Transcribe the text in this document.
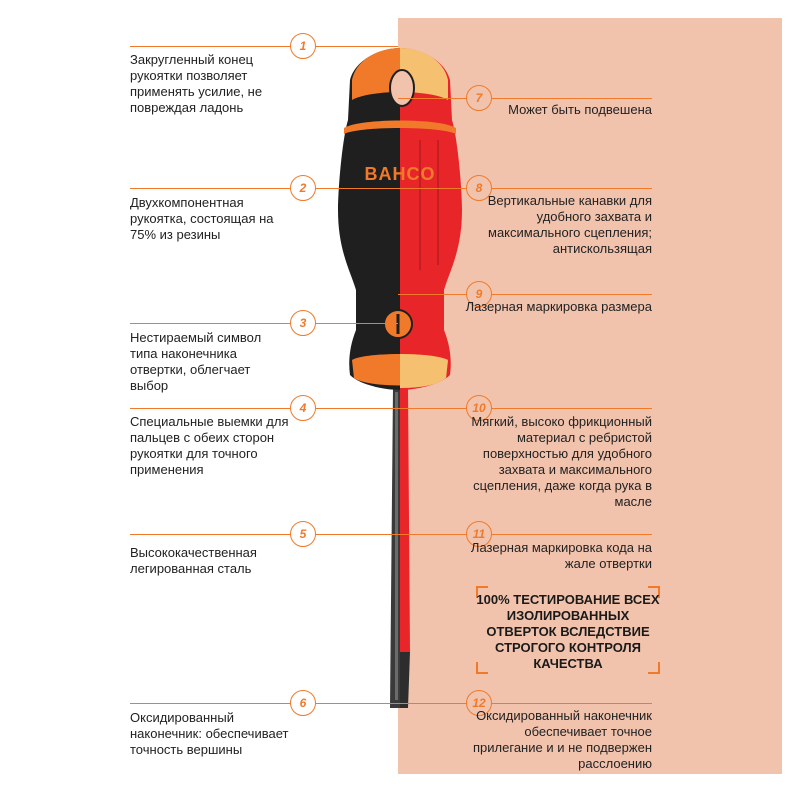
BAHCO
1
2
3
4
5
6
7
8
9
10
11
12
Закругленный конец рукоятки позволяет применять усилие, не повреждая ладонь
Двухкомпонентная рукоятка, состоящая на 75% из резины
Нестираемый символ типа наконечника отвертки, облегчает выбор
Специальные выемки для пальцев с обеих сторон рукоятки для точного применения
Высококачественная легированная сталь
Оксидированный наконечник: обеспечивает точность вершины
Может быть подвешена
Вертикальные канавки для удобного захвата и максимального сцепления; антискользящая
Лазерная маркировка размера
Мягкий, высоко фрикционный материал с ребристой поверхностью для удобного захвата и максимального сцепления, даже когда рука в масле
Лазерная маркировка кода на жале отвертки
Оксидированный наконечник обеспечивает точное прилегание и и не подвержен расслоению
100% ТЕСТИРОВАНИЕ ВСЕХ ИЗОЛИРОВАННЫХ ОТВЕРТОК ВСЛЕДСТВИЕ СТРОГОГО КОНТРОЛЯ КАЧЕСТВА
